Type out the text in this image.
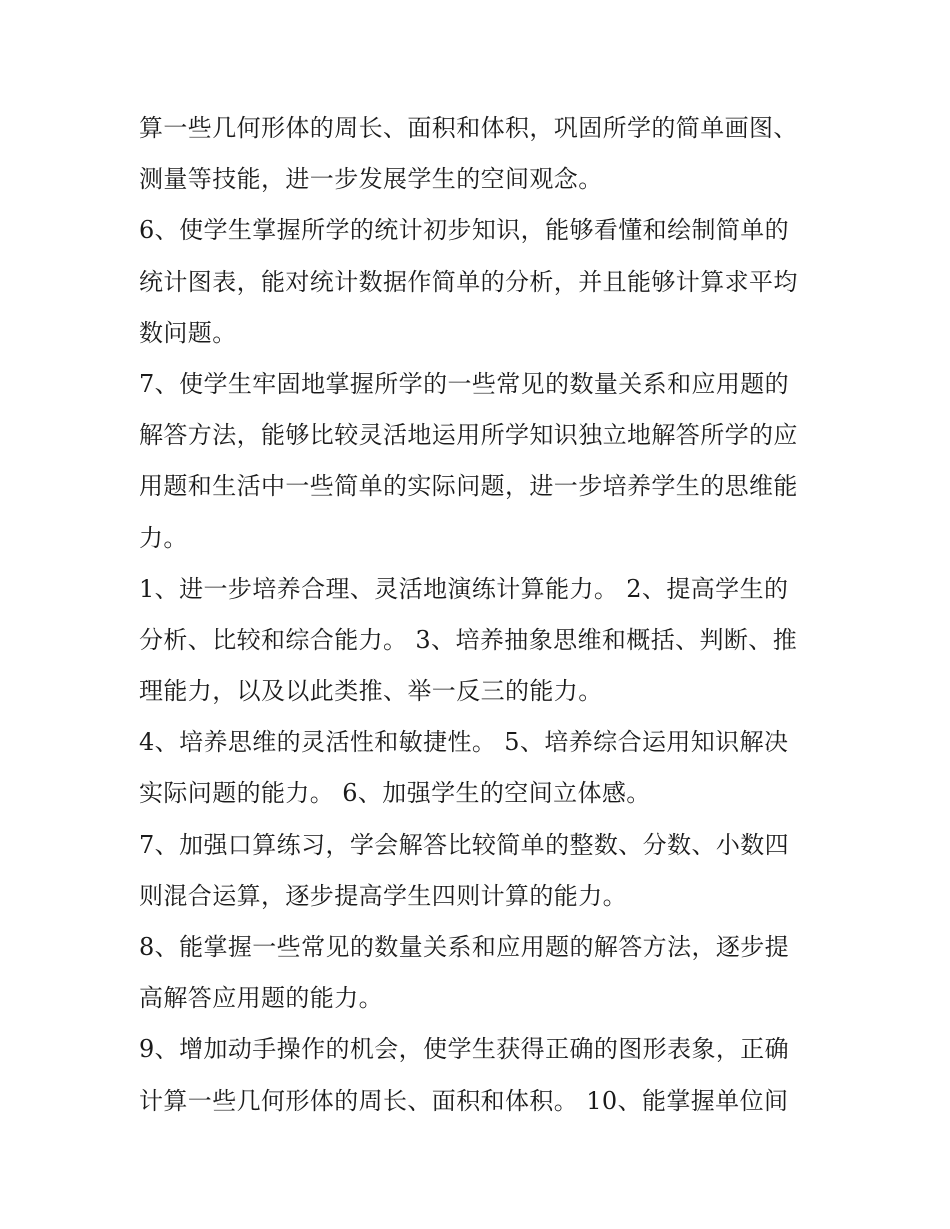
算一些几何形体的周长、面积和体积，巩固所学的简单画图、
测量等技能，进一步发展学生的空间观念。
6、使学生掌握所学的统计初步知识，能够看懂和绘制简单的
统计图表，能对统计数据作简单的分析，并且能够计算求平均
数问题。
7、使学生牢固地掌握所学的一些常见的数量关系和应用题的
解答方法，能够比较灵活地运用所学知识独立地解答所学的应
用题和生活中一些简单的实际问题，进一步培养学生的思维能
力。
1、进一步培养合理、灵活地演练计算能力。 2、提高学生的
分析、比较和综合能力。 3、培养抽象思维和概括、判断、推
理能力，以及以此类推、举一反三的能力。
4、培养思维的灵活性和敏捷性。 5、培养综合运用知识解决
实际问题的能力。 6、加强学生的空间立体感。
7、加强口算练习，学会解答比较简单的整数、分数、小数四
则混合运算，逐步提高学生四则计算的能力。
8、能掌握一些常见的数量关系和应用题的解答方法，逐步提
高解答应用题的能力。
9、增加动手操作的机会，使学生获得正确的图形表象，正确
计算一些几何形体的周长、面积和体积。 10、能掌握单位间
